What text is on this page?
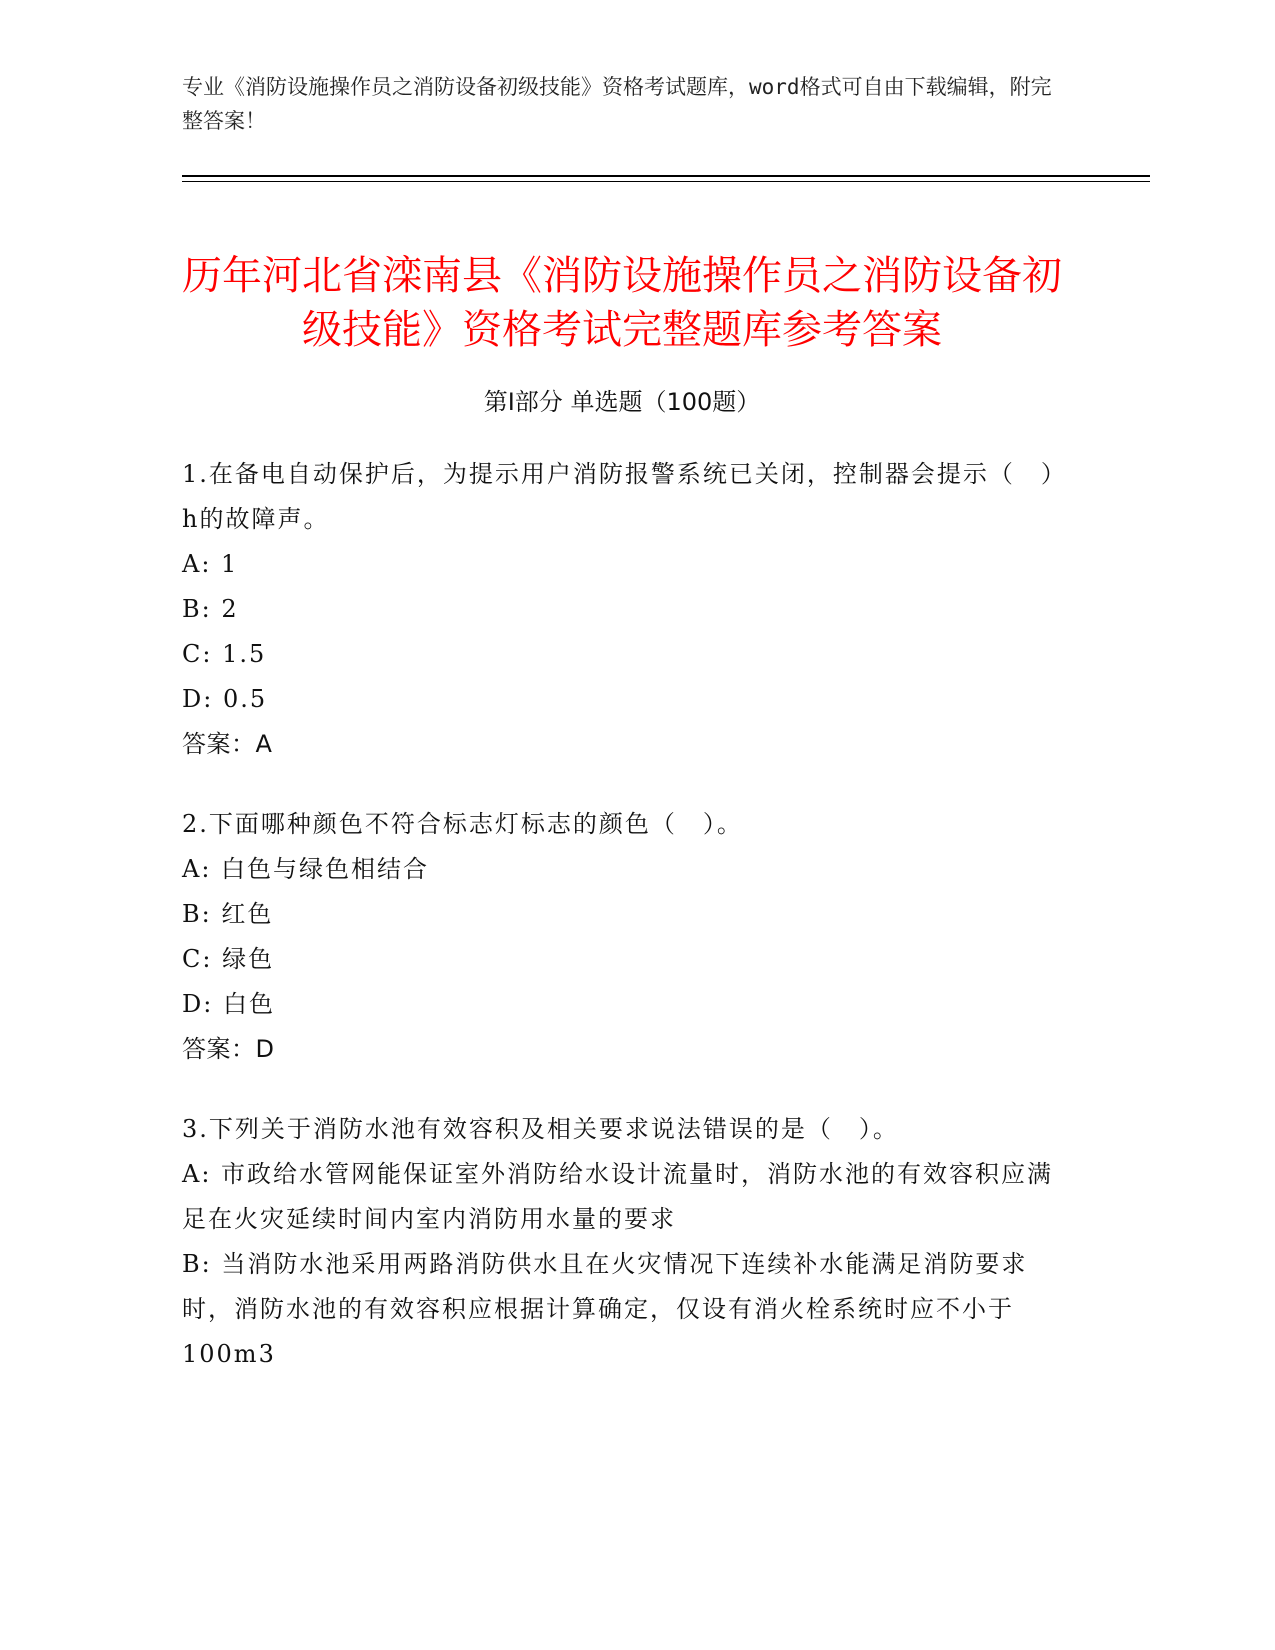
专业《消防设施操作员之消防设备初级技能》资格考试题库，word格式可自由下载编辑，附完整答案！
历年河北省滦南县《消防设施操作员之消防设备初级技能》资格考试完整题库参考答案
第Ⅰ部分 单选题（100题）

1.在备电自动保护后，为提示用户消防报警系统已关闭，控制器会提示（　）h的故障声。

A: 1

B: 2

C: 1.5

D: 0.5

答案：A

2.下面哪种颜色不符合标志灯标志的颜色（　）。

A: 白色与绿色相结合

B: 红色

C: 绿色

D: 白色

答案：D

3.下列关于消防水池有效容积及相关要求说法错误的是（　）。

A: 市政给水管网能保证室外消防给水设计流量时，消防水池的有效容积应满足在火灾延续时间内室内消防用水量的要求

B: 当消防水池采用两路消防供水且在火灾情况下连续补水能满足消防要求时，消防水池的有效容积应根据计算确定，仅设有消火栓系统时应不小于100m3
